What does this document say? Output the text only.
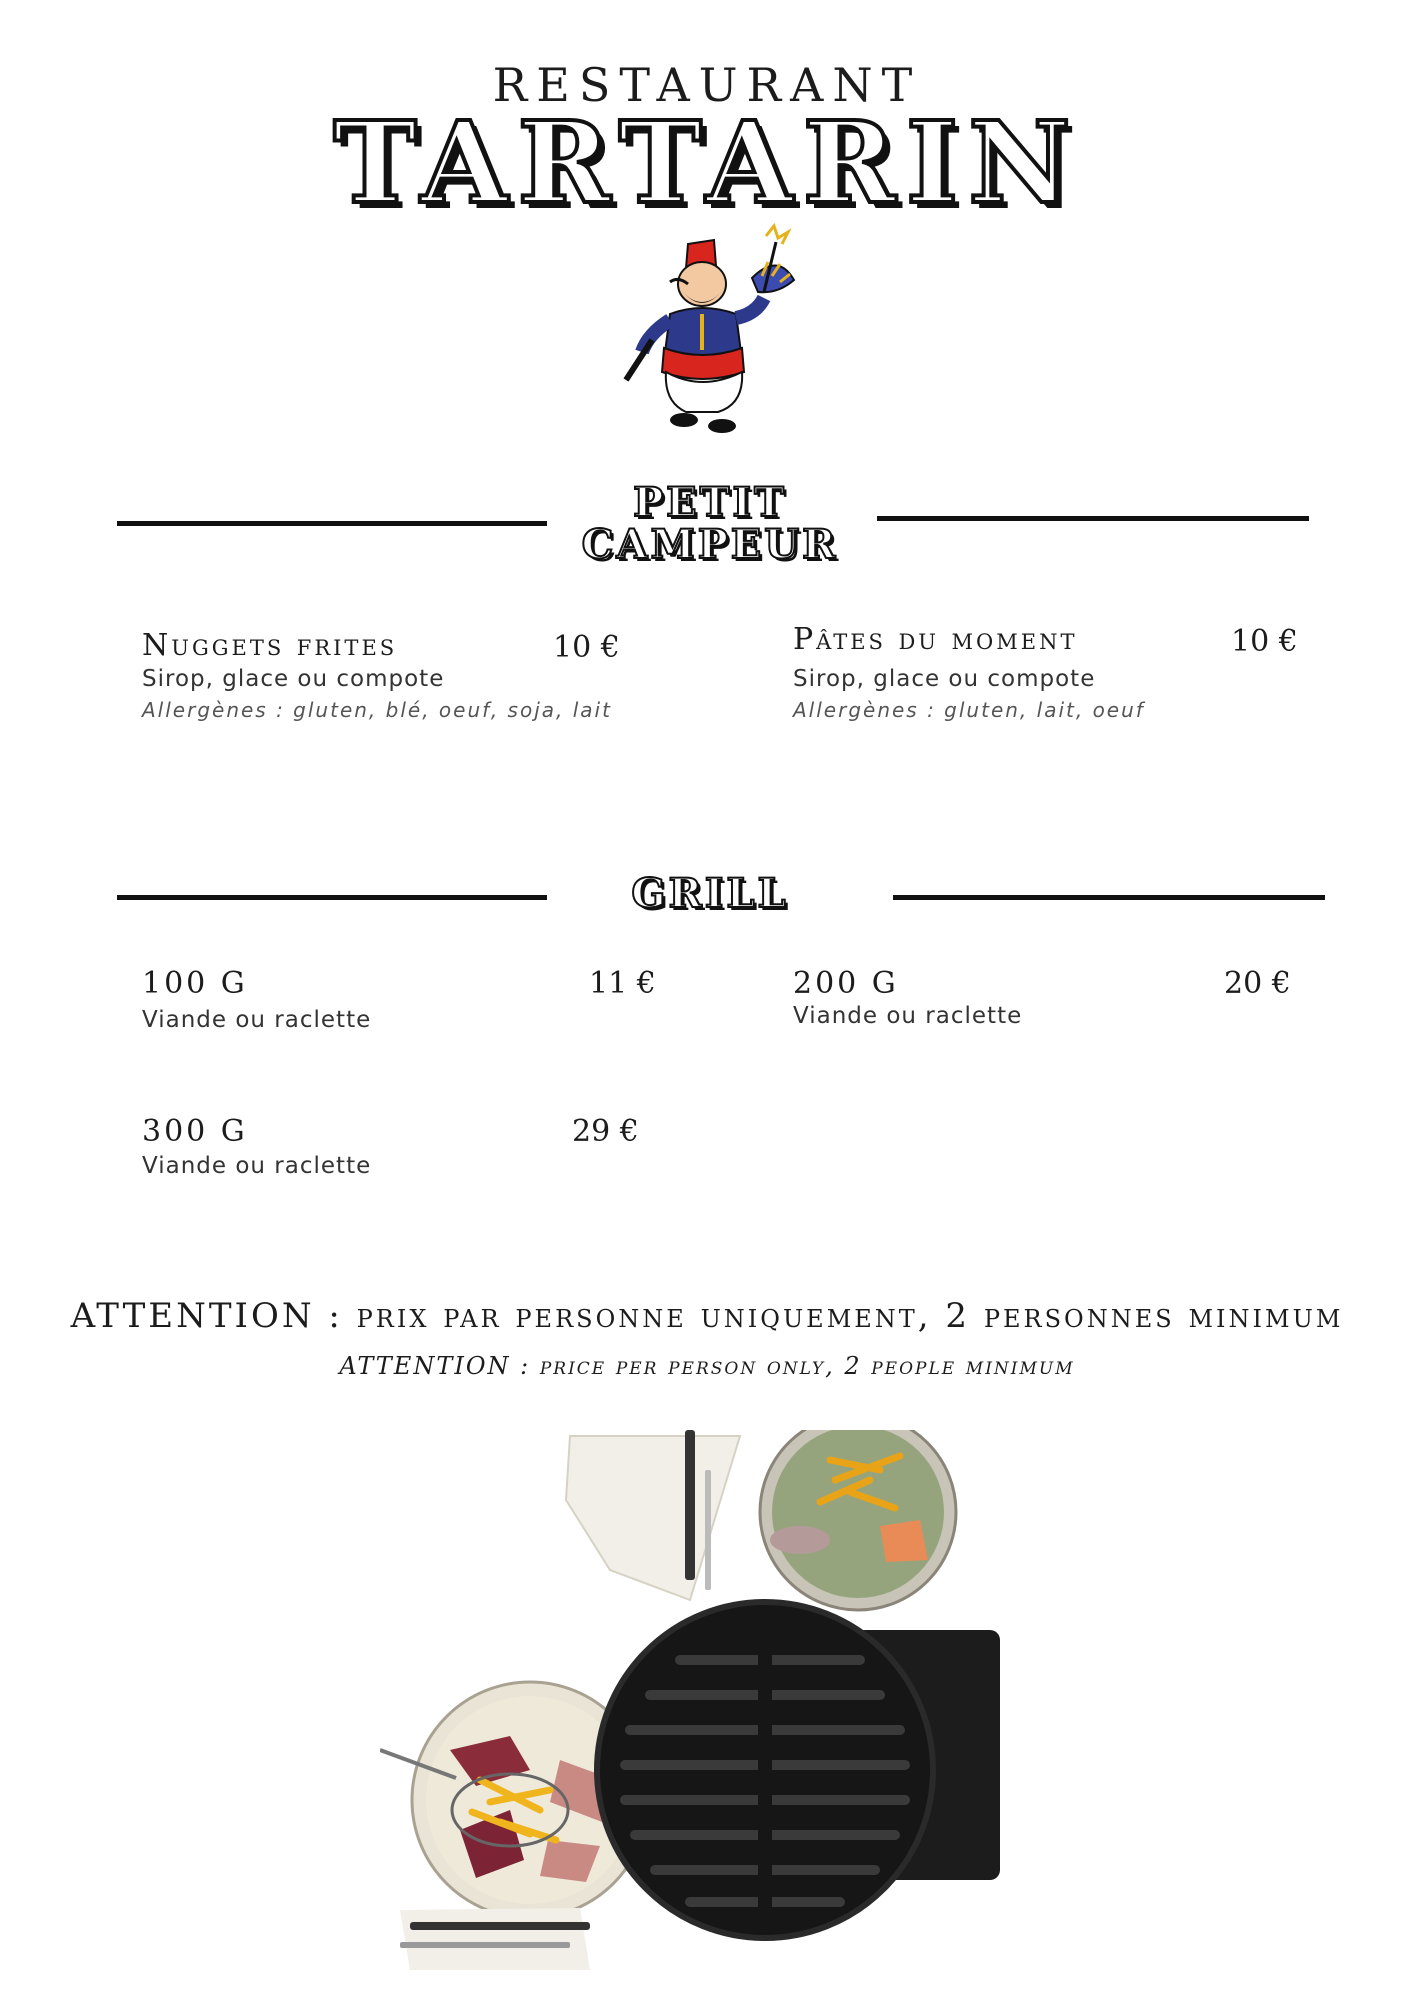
RESTAURANT
TARTARIN
PETIT
CAMPEUR
Nuggets frites	10 €
Sirop, glace ou compote
Allergènes : gluten, blé, oeuf, soja, lait
Pâtes du moment	10 €
Sirop, glace ou compote
Allergènes : gluten, lait, oeuf
GRILL
100 G	11 €
Viande ou raclette
200 G	20 €
Viande ou raclette
300 G	29 €
Viande ou raclette
ATTENTION : prix par personne uniquement, 2 personnes minimum
ATTENTION : price per person only, 2 people minimum
